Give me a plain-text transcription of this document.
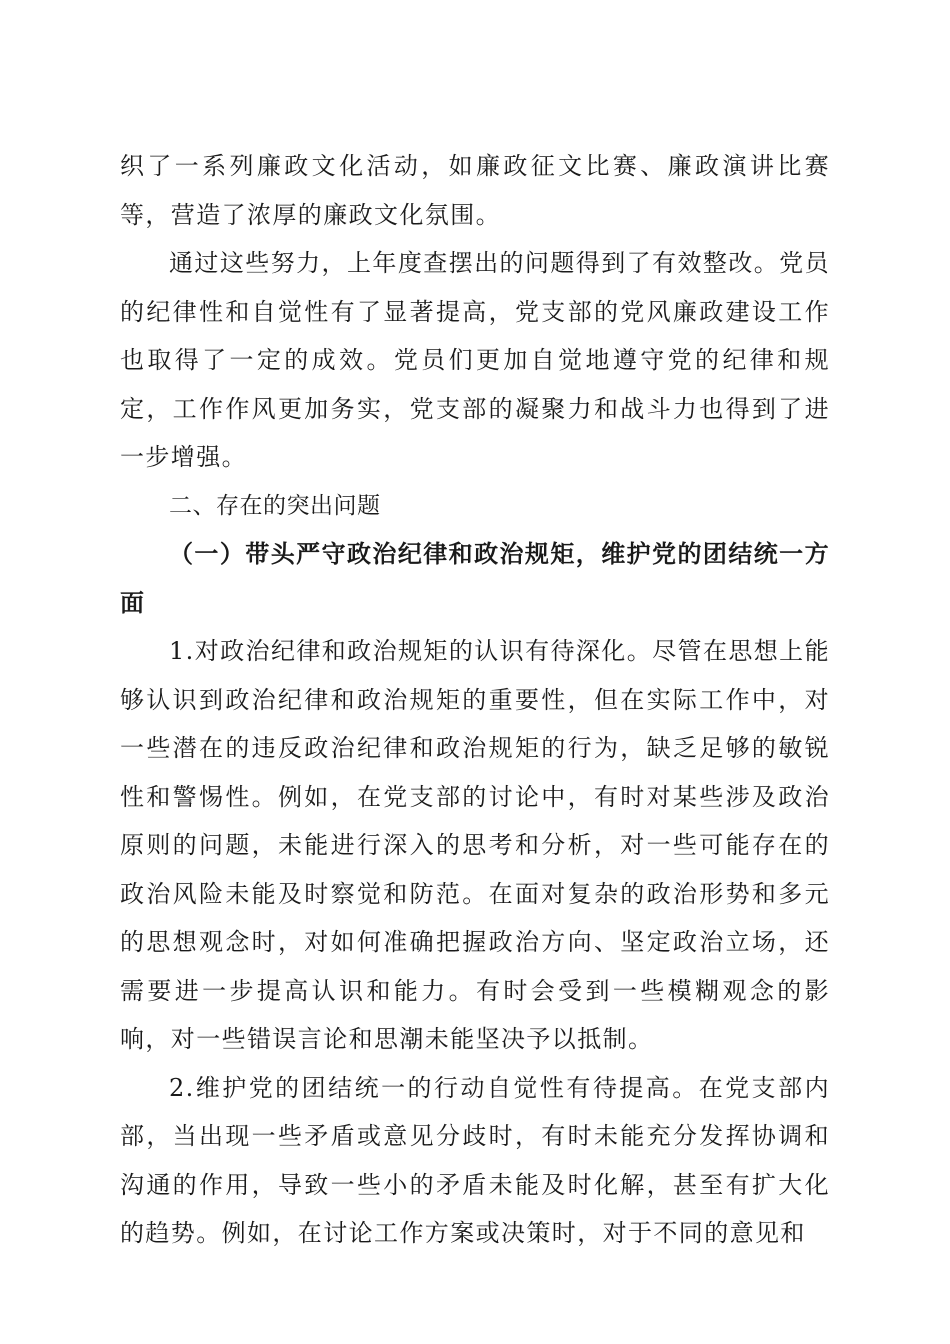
织了一系列廉政文化活动，如廉政征文比赛、廉政演讲比赛等，营造了浓厚的廉政文化氛围。

通过这些努力，上年度查摆出的问题得到了有效整改。党员的纪律性和自觉性有了显著提高，党支部的党风廉政建设工作也取得了一定的成效。党员们更加自觉地遵守党的纪律和规定，工作作风更加务实，党支部的凝聚力和战斗力也得到了进一步增强。

二、存在的突出问题

（一）带头严守政治纪律和政治规矩，维护党的团结统一方面

1.对政治纪律和政治规矩的认识有待深化。尽管在思想上能够认识到政治纪律和政治规矩的重要性，但在实际工作中，对一些潜在的违反政治纪律和政治规矩的行为，缺乏足够的敏锐性和警惕性。例如，在党支部的讨论中，有时对某些涉及政治原则的问题，未能进行深入的思考和分析，对一些可能存在的政治风险未能及时察觉和防范。在面对复杂的政治形势和多元的思想观念时，对如何准确把握政治方向、坚定政治立场，还需要进一步提高认识和能力。有时会受到一些模糊观念的影响，对一些错误言论和思潮未能坚决予以抵制。

2.维护党的团结统一的行动自觉性有待提高。在党支部内部，当出现一些矛盾或意见分歧时，有时未能充分发挥协调和沟通的作用，导致一些小的矛盾未能及时化解，甚至有扩大化的趋势。例如，在讨论工作方案或决策时，对于不同的意见和
